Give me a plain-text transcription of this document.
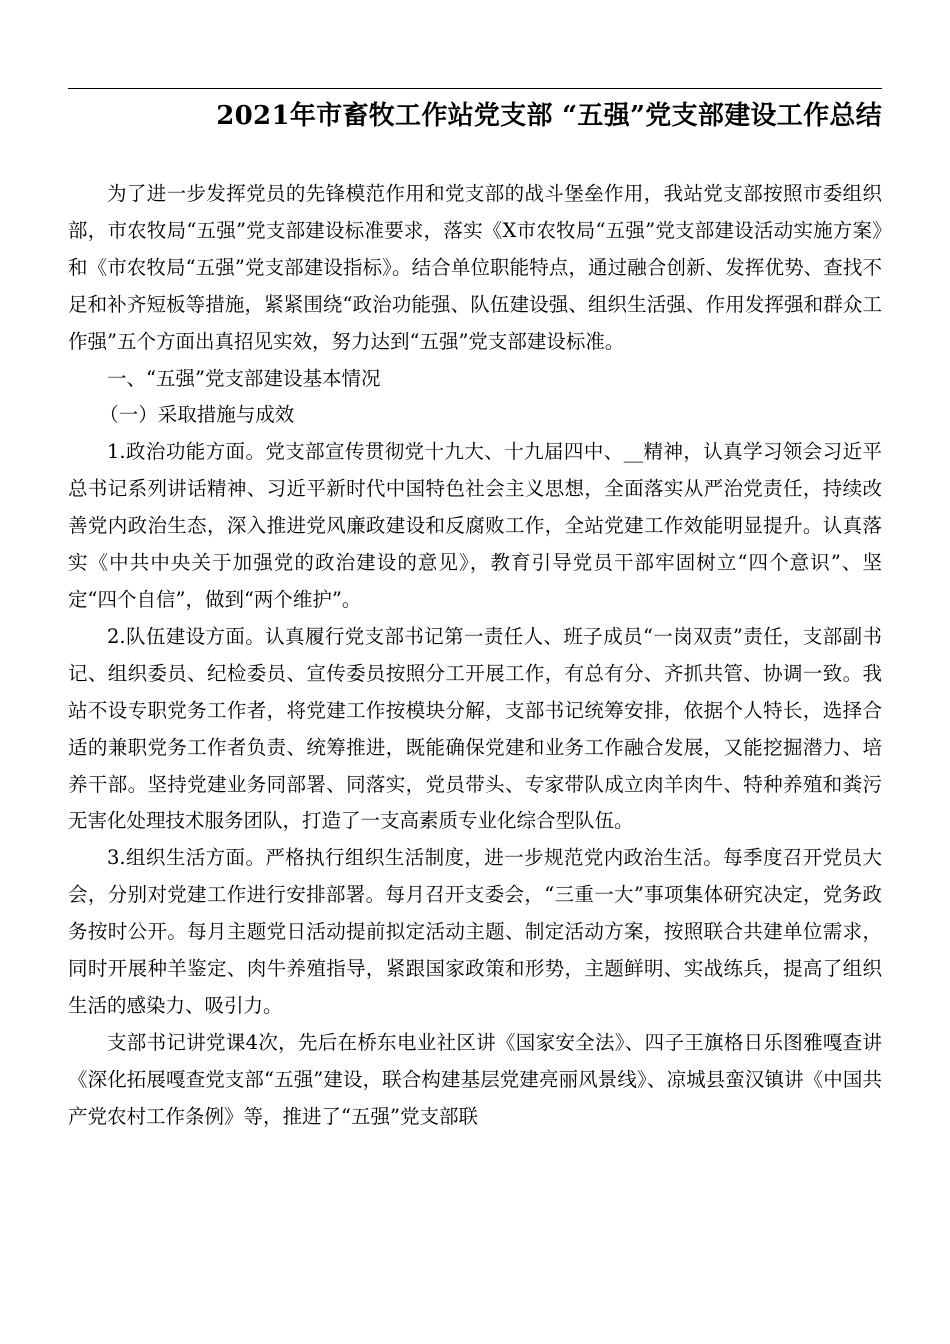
2021年市畜牧工作站党支部 “五强”党支部建设工作总结

为了进一步发挥党员的先锋模范作用和党支部的战斗堡垒作用，我站党支部按照市委组织部，市农牧局“五强”党支部建设标准要求，落实《X市农牧局“五强”党支部建设活动实施方案》和《市农牧局“五强”党支部建设指标》。结合单位职能特点，通过融合创新、发挥优势、查找不足和补齐短板等措施，紧紧围绕“政治功能强、队伍建设强、组织生活强、作用发挥强和群众工作强”五个方面出真招见实效，努力达到“五强”党支部建设标准。

一、“五强”党支部建设基本情况

（一）采取措施与成效

1.政治功能方面。党支部宣传贯彻党十九大、十九届四中、__精神，认真学习领会习近平总书记系列讲话精神、习近平新时代中国特色社会主义思想，全面落实从严治党责任，持续改善党内政治生态，深入推进党风廉政建设和反腐败工作，全站党建工作效能明显提升。认真落实《中共中央关于加强党的政治建设的意见》，教育引导党员干部牢固树立“四个意识”、坚定“四个自信”，做到“两个维护”。

2.队伍建设方面。认真履行党支部书记第一责任人、班子成员“一岗双责”责任，支部副书记、组织委员、纪检委员、宣传委员按照分工开展工作，有总有分、齐抓共管、协调一致。我站不设专职党务工作者，将党建工作按模块分解，支部书记统筹安排，依据个人特长，选择合适的兼职党务工作者负责、统筹推进，既能确保党建和业务工作融合发展，又能挖掘潜力、培养干部。坚持党建业务同部署、同落实，党员带头、专家带队成立肉羊肉牛、特种养殖和粪污无害化处理技术服务团队，打造了一支高素质专业化综合型队伍。

3.组织生活方面。严格执行组织生活制度，进一步规范党内政治生活。每季度召开党员大会，分别对党建工作进行安排部署。每月召开支委会，“三重一大”事项集体研究决定，党务政务按时公开。每月主题党日活动提前拟定活动主题、制定活动方案，按照联合共建单位需求，同时开展种羊鉴定、肉牛养殖指导，紧跟国家政策和形势，主题鲜明、实战练兵，提高了组织生活的感染力、吸引力。

支部书记讲党课4次，先后在桥东电业社区讲《国家安全法》、四子王旗格日乐图雅嘎查讲《深化拓展嘎查党支部“五强”建设，联合构建基层党建亮丽风景线》、凉城县蛮汉镇讲《中国共产党农村工作条例》等，推进了“五强”党支部联
